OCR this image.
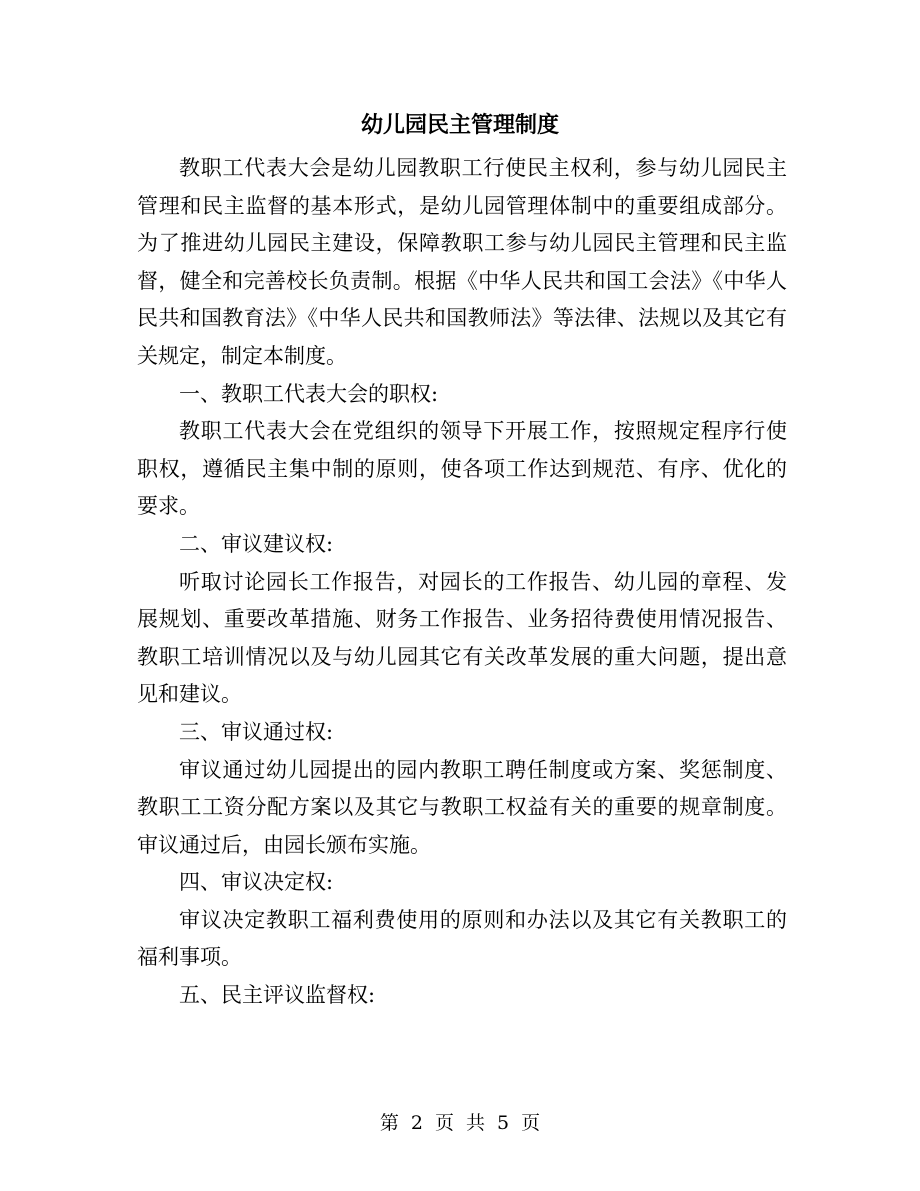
幼儿园民主管理制度

教职工代表大会是幼儿园教职工行使民主权利，参与幼儿园民主管理和民主监督的基本形式，是幼儿园管理体制中的重要组成部分。为了推进幼儿园民主建设，保障教职工参与幼儿园民主管理和民主监督，健全和完善校长负责制。根据《中华人民共和国工会法》《中华人民共和国教育法》《中华人民共和国教师法》等法律、法规以及其它有关规定，制定本制度。

一、教职工代表大会的职权:

教职工代表大会在党组织的领导下开展工作，按照规定程序行使职权，遵循民主集中制的原则，使各项工作达到规范、有序、优化的要求。

二、审议建议权:

听取讨论园长工作报告，对园长的工作报告、幼儿园的章程、发展规划、重要改革措施、财务工作报告、业务招待费使用情况报告、教职工培训情况以及与幼儿园其它有关改革发展的重大问题，提出意见和建议。

三、审议通过权:

审议通过幼儿园提出的园内教职工聘任制度或方案、奖惩制度、教职工工资分配方案以及其它与教职工权益有关的重要的规章制度。审议通过后，由园长颁布实施。

四、审议决定权:

审议决定教职工福利费使用的原则和办法以及其它有关教职工的福利事项。

五、民主评议监督权:

第 2 页 共 5 页
